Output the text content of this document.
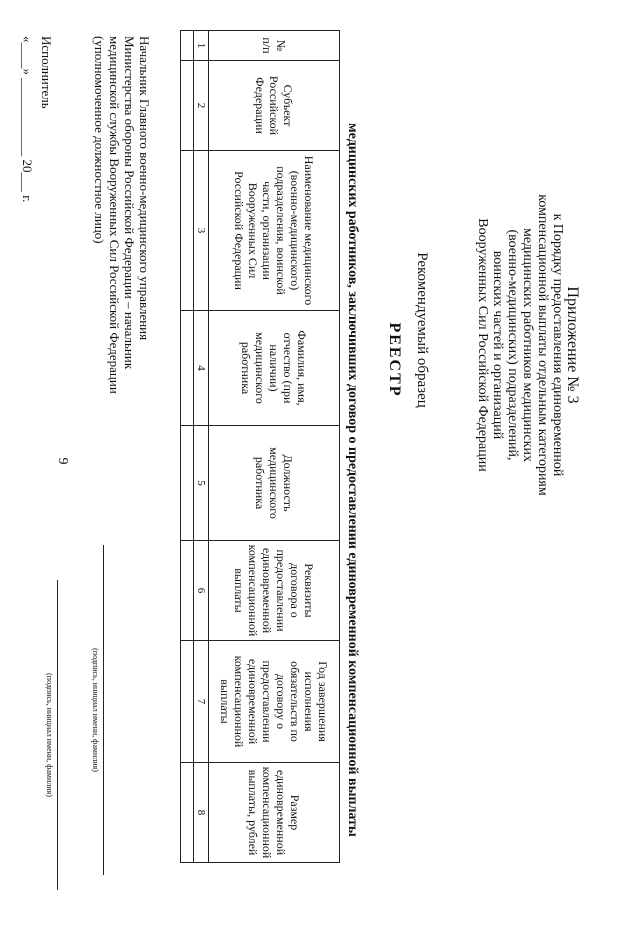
9
Приложение № 3
к Порядку предоставления единовременной
компенсационной выплаты отдельным категориям
медицинских работников медицинских
(военно-медицинских) подразделений,
воинских частей и организаций
Вооруженных Сил Российской Федерации
Рекомендуемый образец
РЕЕСТР
медицинских работников, заключивших договор о предоставлении единовременной компенсационной выплаты
№ п/п	Субъект Российской Федерации	Наименование медицинского (военно-медицинского) подразделения, воинской части, организации Вооруженных Сил Российской Федерации	Фамилия, имя, отчество (при наличии) медицинского работника	Должность медицинского работника	Реквизиты договора о предоставлении единовременной компенсационной выплаты	Год завершения исполнения обязательств по договору о предоставлении единовременной компенсационной выплаты	Размер единовременной компенсационной выплаты, рублей
1	2	3	4	5	6	7	8

Начальник Главного военно-медицинского управления
Министерства обороны Российской Федерации – начальник
медицинской службы Вооруженных Сил Российской Федерации
(уполномоченное должностное лицо)
(подпись, инициал имени, фамилия)
Исполнитель
(подпись, инициал имени, фамилия)
«____» ____________ 20___ г.
